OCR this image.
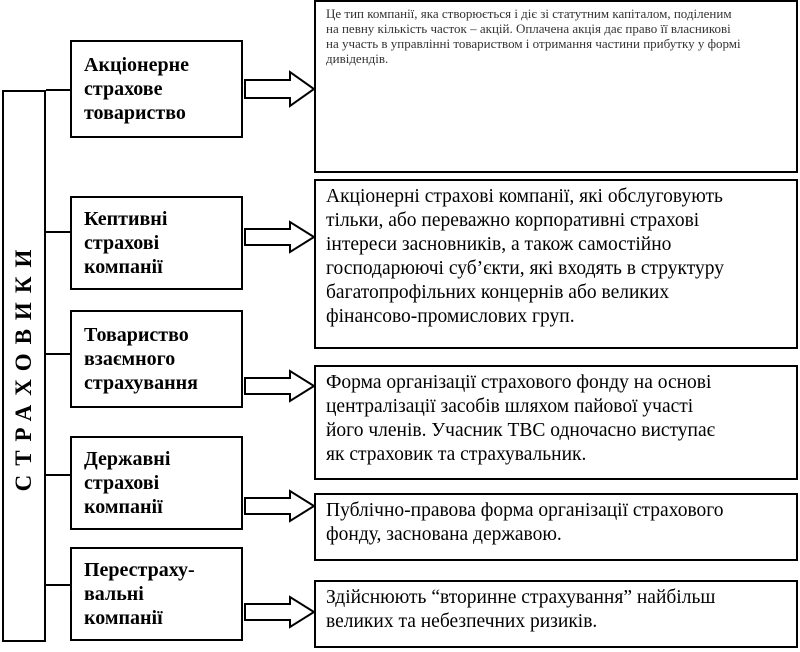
СТРАХОВИКИ
Акціонерне
страхове
товариство
Кептивні
страхові
компанії
Товариство
взаємного
страхування
Державні
страхові
компанії
Перестраху-
вальні
компанії
Це тип компанії, яка створюється і діє зі статутним капіталом, поділеним
на певну кількість часток – акцій. Оплачена акція дає право її власникові
на участь в управлінні товариством і отримання частини прибутку у формі
дивідендів.
Акціонерні страхові компанії, які обслуговують
тільки, або переважно корпоративні страхові
інтереси засновників, а також самостійно
господарюючі суб’єкти, які входять в структуру
багатопрофільних концернів або великих
фінансово-промислових груп.
Форма організації страхового фонду на основі
централізації засобів шляхом пайової участі
його членів. Учасник ТВС одночасно виступає
як страховик та страхувальник.
Публічно-правова форма організації страхового
фонду, заснована державою.
Здійснюють “вторинне страхування” найбільш
великих та небезпечних ризиків.
